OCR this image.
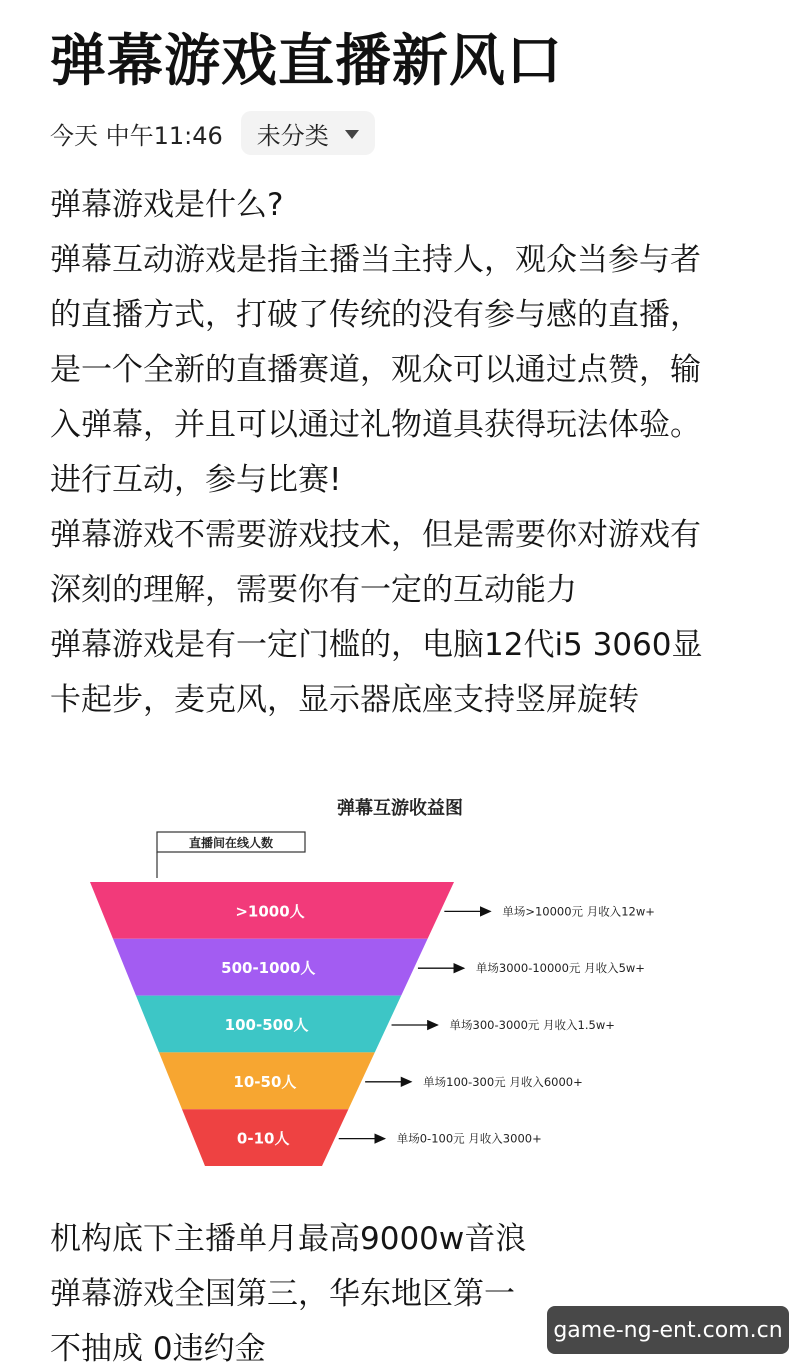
弹幕游戏直播新风口
今天 中午11:46 未分类

弹幕游戏是什么?

弹幕互动游戏是指主播当主持人，观众当参与者

的直播方式，打破了传统的没有参与感的直播，

是一个全新的直播赛道，观众可以通过点赞，输

入弹幕，并且可以通过礼物道具获得玩法体验。

进行互动，参与比赛!

弹幕游戏不需要游戏技术，但是需要你对游戏有

深刻的理解，需要你有一定的互动能力

弹幕游戏是有一定门槛的，电脑12代i5 3060显

卡起步，麦克风，显示器底座支持竖屏旋转

弹幕互游收益图
直播间在线人数
>1000人	单场>10000元 月收入12w+
500-1000人	单场3000-10000元 月收入5w+
100-500人	单场300-3000元 月收入1.5w+
10-50人	单场100-300元 月收入6000+
0-10人	单场0-100元 月收入3000+

机构底下主播单月最高9000w音浪

弹幕游戏全国第三，华东地区第一

不抽成 0违约金

game-ng-ent.com.cn
